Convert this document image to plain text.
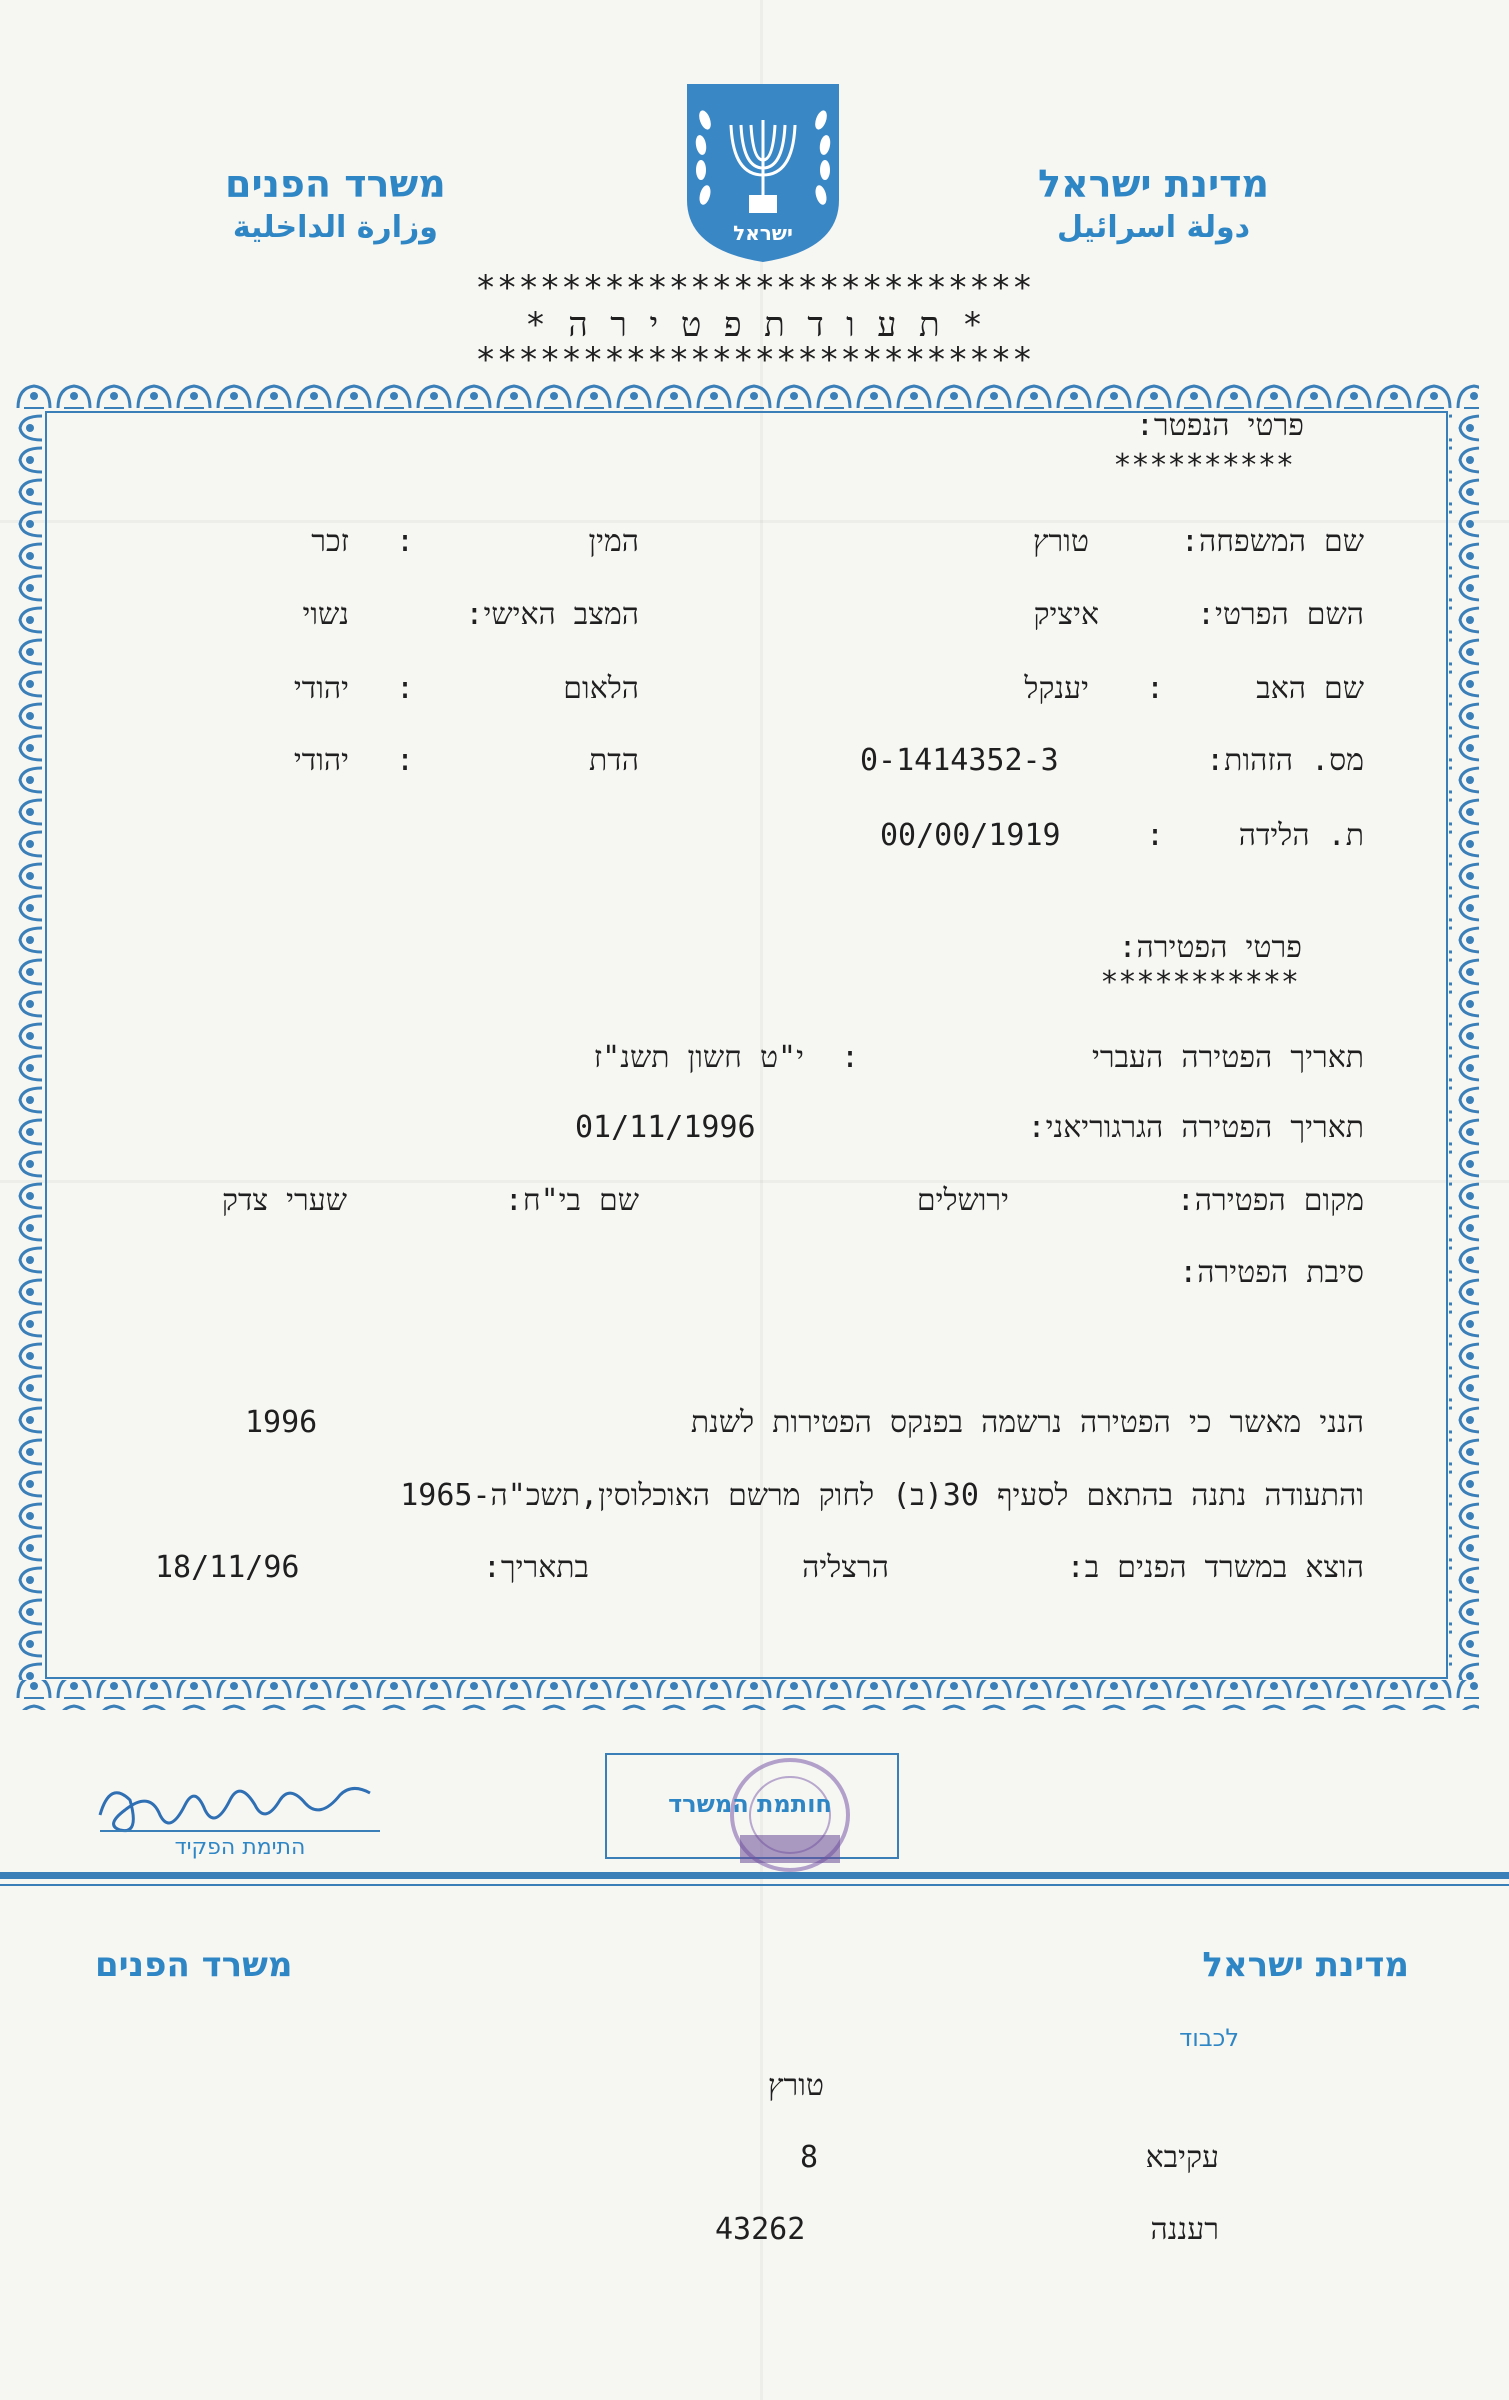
מדינת ישראל
دولة اسرائيل
משרד הפנים
وزارة الداخلية	ישראל
**************************
* ת ע ו ד ת פ ט י ר ה *
**************************
פרטי הנפטר:
**********
שם המשפחה:
טורץ
המין
:
זכר
השם הפרטי:
איציק
המצב האישי:
נשוי
שם האב
:
יענקל
הלאום
:
יהודי
מס. הזהות:
0-1414352-3
הדת
:
יהודי
ת. הלידה
:
00/00/1919
פרטי הפטירה:
***********
תאריך הפטירה העברי
:
י"ט חשון תשנ"ז
תאריך הפטירה הגרגוריאני:
01/11/1996
מקום הפטירה:
ירושלים
שם בי"ח:
שערי צדק
סיבת הפטירה:
הנני מאשר כי הפטירה נרשמה בפנקס הפטירות לשנת
1996
והתעודה נתנה בהתאם לסעיף 30(ב) לחוק מרשם האוכלוסין,תשכ"ה-1965
הוצא במשרד הפנים ב:
הרצליה
בתאריך:
18/11/96
התימת הפקיד
חותמת המשרד
מדינת ישראל
משרד הפנים
לכבוד
טורץ
עקיבא
8
רעננה
43262
